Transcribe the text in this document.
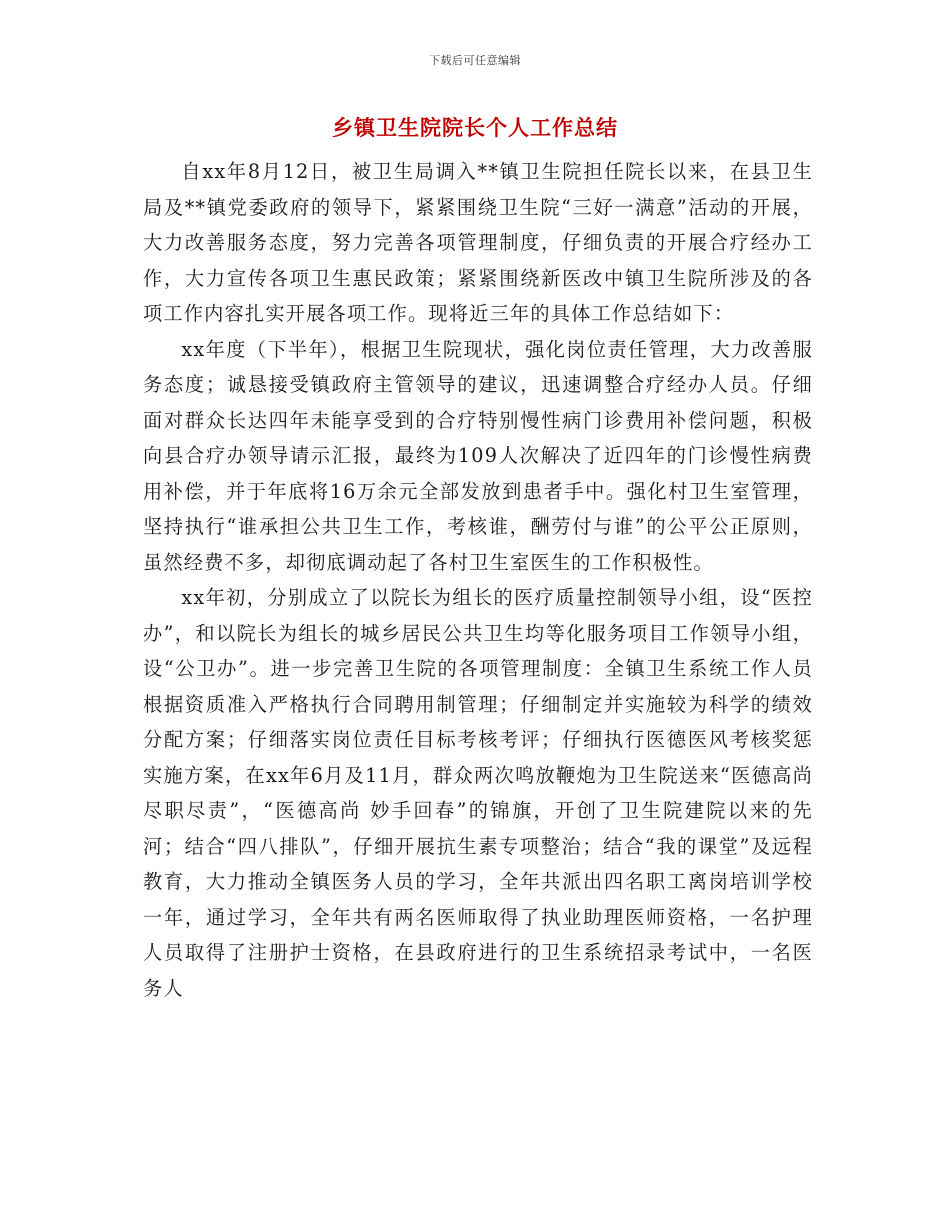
下载后可任意编辑
乡镇卫生院院长个人工作总结

自xx年8月12日，被卫生局调入**镇卫生院担任院长以来，在县卫生局及**镇党委政府的领导下，紧紧围绕卫生院“三好一满意”活动的开展，大力改善服务态度，努力完善各项管理制度，仔细负责的开展合疗经办工作，大力宣传各项卫生惠民政策；紧紧围绕新医改中镇卫生院所涉及的各项工作内容扎实开展各项工作。现将近三年的具体工作总结如下：

xx年度（下半年），根据卫生院现状，强化岗位责任管理，大力改善服务态度；诚恳接受镇政府主管领导的建议，迅速调整合疗经办人员。仔细面对群众长达四年未能享受到的合疗特别慢性病门诊费用补偿问题，积极向县合疗办领导请示汇报，最终为109人次解决了近四年的门诊慢性病费用补偿，并于年底将16万余元全部发放到患者手中。强化村卫生室管理，坚持执行“谁承担公共卫生工作，考核谁，酬劳付与谁”的公平公正原则，虽然经费不多，却彻底调动起了各村卫生室医生的工作积极性。

xx年初，分别成立了以院长为组长的医疗质量控制领导小组，设“医控办”，和以院长为组长的城乡居民公共卫生均等化服务项目工作领导小组，设“公卫办”。进一步完善卫生院的各项管理制度：全镇卫生系统工作人员根据资质准入严格执行合同聘用制管理；仔细制定并实施较为科学的绩效分配方案；仔细落实岗位责任目标考核考评；仔细执行医德医风考核奖惩实施方案，在xx年6月及11月，群众两次鸣放鞭炮为卫生院送来“医德高尚 尽职尽责”，“医德高尚 妙手回春”的锦旗，开创了卫生院建院以来的先河；结合“四八排队”，仔细开展抗生素专项整治；结合“我的课堂”及远程教育，大力推动全镇医务人员的学习，全年共派出四名职工离岗培训学校一年，通过学习，全年共有两名医师取得了执业助理医师资格，一名护理人员取得了注册护士资格，在县政府进行的卫生系统招录考试中，一名医务人
